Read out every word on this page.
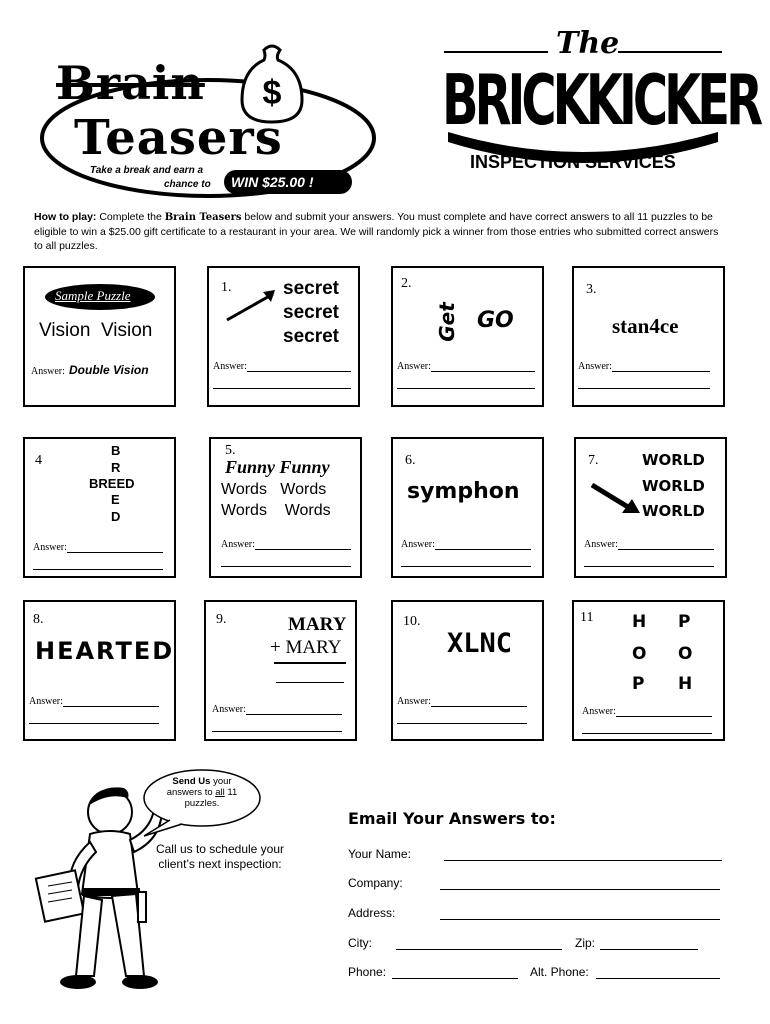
$
Brain
Teasers
Take a break and earn a
chance to WIN $25.00 !
The
BRICKKICKER
INSPECTION SERVICES
How to play: Complete the Brain Teasers below and submit your answers. You must complete and have correct answers to all 11 puzzles to be eligible to win a $25.00 gift certificate to a restaurant in your area. We will randomly pick a winner from those entries who submitted correct answers to all puzzles.
Sample Puzzle
Vision  Vision
Answer: Double Vision
1.	secret
secret
secret
Answer:
2.
Get GO
Answer:
3.
stan4ce
Answer:
4
B
R
BREED
E
D
Answer:
5.
Funny Funny
Words   Words
Words    Words
Answer:
6.
symphon
Answer:
7.	WORLD
WORLD
WORLD
Answer:
8.
HEARTED
Answer:
9.	MARY
+ MARY
Answer:
10.
XLNC
Answer:
11 H
O
P
P
O
H
Answer:
Send Us your
answers to all 11
puzzles.
Call us to schedule your client’s next inspection:
Email Your Answers to:
Your Name:
Company:
Address:
City:	Zip:
Phone:	Alt. Phone:
